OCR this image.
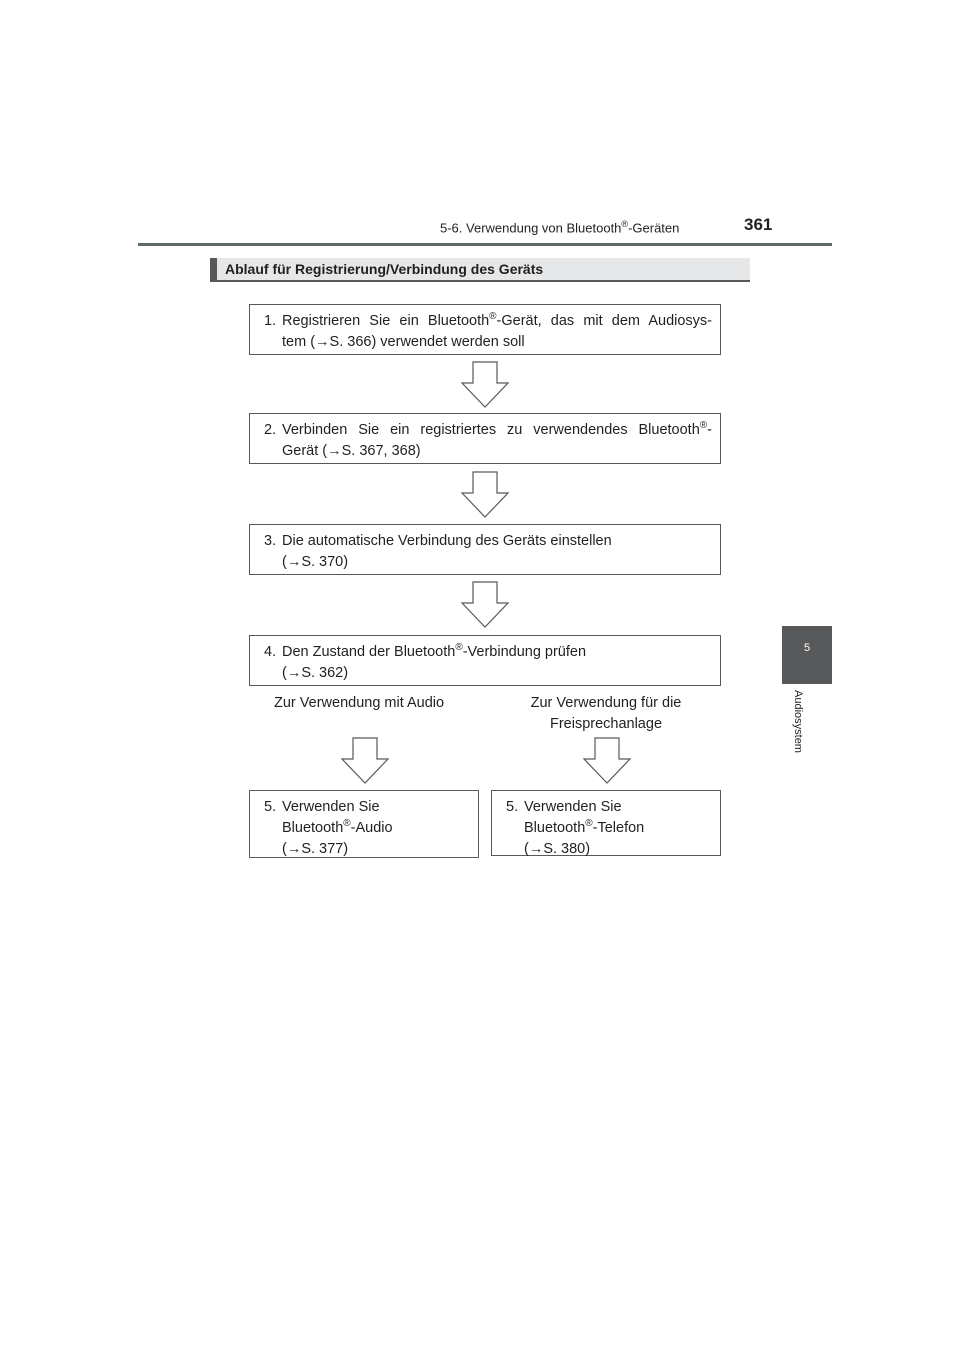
5-6. Verwendung von Bluetooth®-Geräten	361
Ablauf für Registrierung/Verbindung des Geräts
5
Audiosystem
1. Registrieren Sie ein Bluetooth®-Gerät, das mit dem Audiosys-
tem (→S. 366) verwendet werden soll
2. Verbinden Sie ein registriertes zu verwendendes Bluetooth®-
Gerät (→S. 367, 368)
3. Die automatische Verbindung des Geräts einstellen
(→S. 370)
4. Den Zustand der Bluetooth®-Verbindung prüfen
(→S. 362)
Zur Verwendung mit Audio	Zur Verwendung für die
Freisprechanlage
5. Verwenden Sie
Bluetooth®-Audio
(→S. 377)
5. Verwenden Sie
Bluetooth®-Telefon
(→S. 380)
